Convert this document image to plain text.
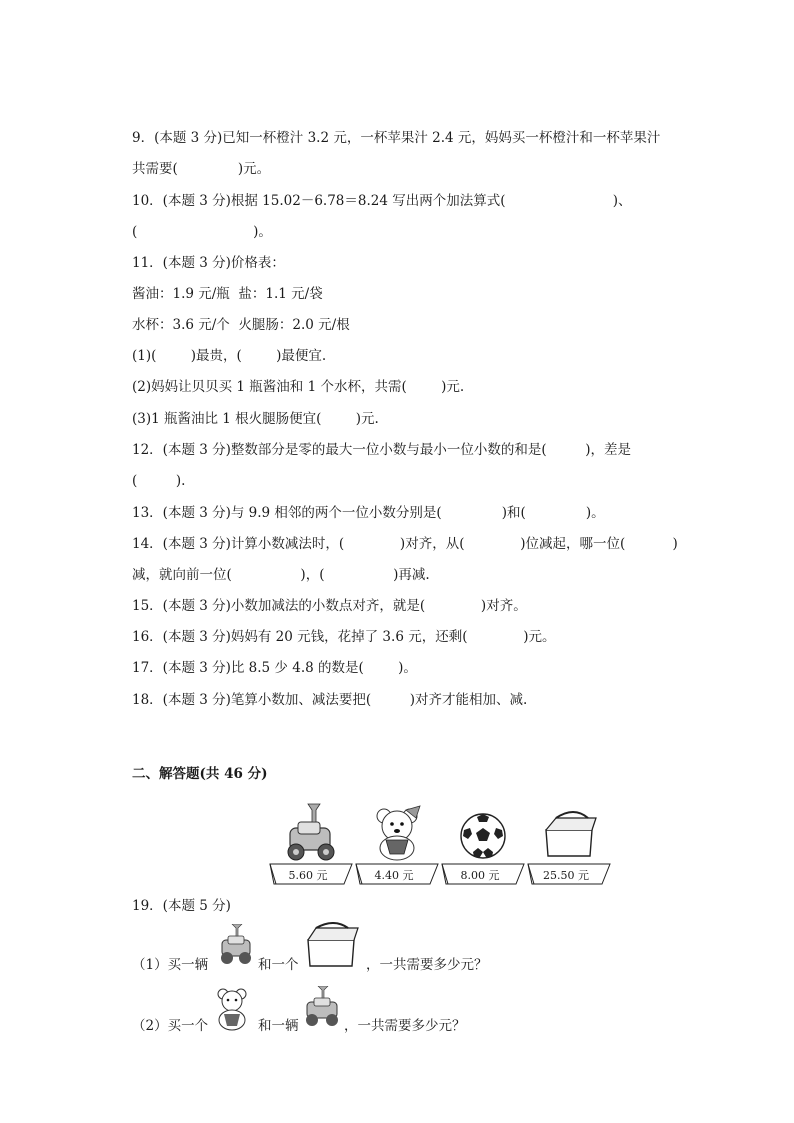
9．(本题 3 分)已知一杯橙汁 3.2 元，一杯苹果汁 2.4 元，妈妈买一杯橙汁和一杯苹果汁
共需要(              )元。
10．(本题 3 分)根据 15.02－6.78＝8.24 写出两个加法算式(                         )、
(                           )。
11．(本题 3 分)价格表：
酱油：1.9 元/瓶  盐：1.1 元/袋
水杯：3.6 元/个  火腿肠：2.0 元/根
(1)(        )最贵，(        )最便宜.
(2)妈妈让贝贝买 1 瓶酱油和 1 个水杯，共需(        )元.
(3)1 瓶酱油比 1 根火腿肠便宜(        )元.
12．(本题 3 分)整数部分是零的最大一位小数与最小一位小数的和是(         )，差是
(         ).
13．(本题 3 分)与 9.9 相邻的两个一位小数分别是(              )和(              )。
14．(本题 3 分)计算小数减法时，(             )对齐，从(             )位减起，哪一位(           )
减，就向前一位(                )，(                )再减.
15．(本题 3 分)小数加减法的小数点对齐，就是(             )对齐。
16．(本题 3 分)妈妈有 20 元钱，花掉了 3.6 元，还剩(             )元。
17．(本题 3 分)比 8.5 少 4.8 的数是(        )。
18．(本题 3 分)笔算小数加、减法要把(         )对齐才能相加、减.
二、解答题(共 46 分)
5.60 元	4.40 元	8.00 元	25.50 元
19．(本题 5 分)
（1）买一辆	和一个	，一共需要多少元？
（2）买一个	和一辆	，一共需要多少元？
